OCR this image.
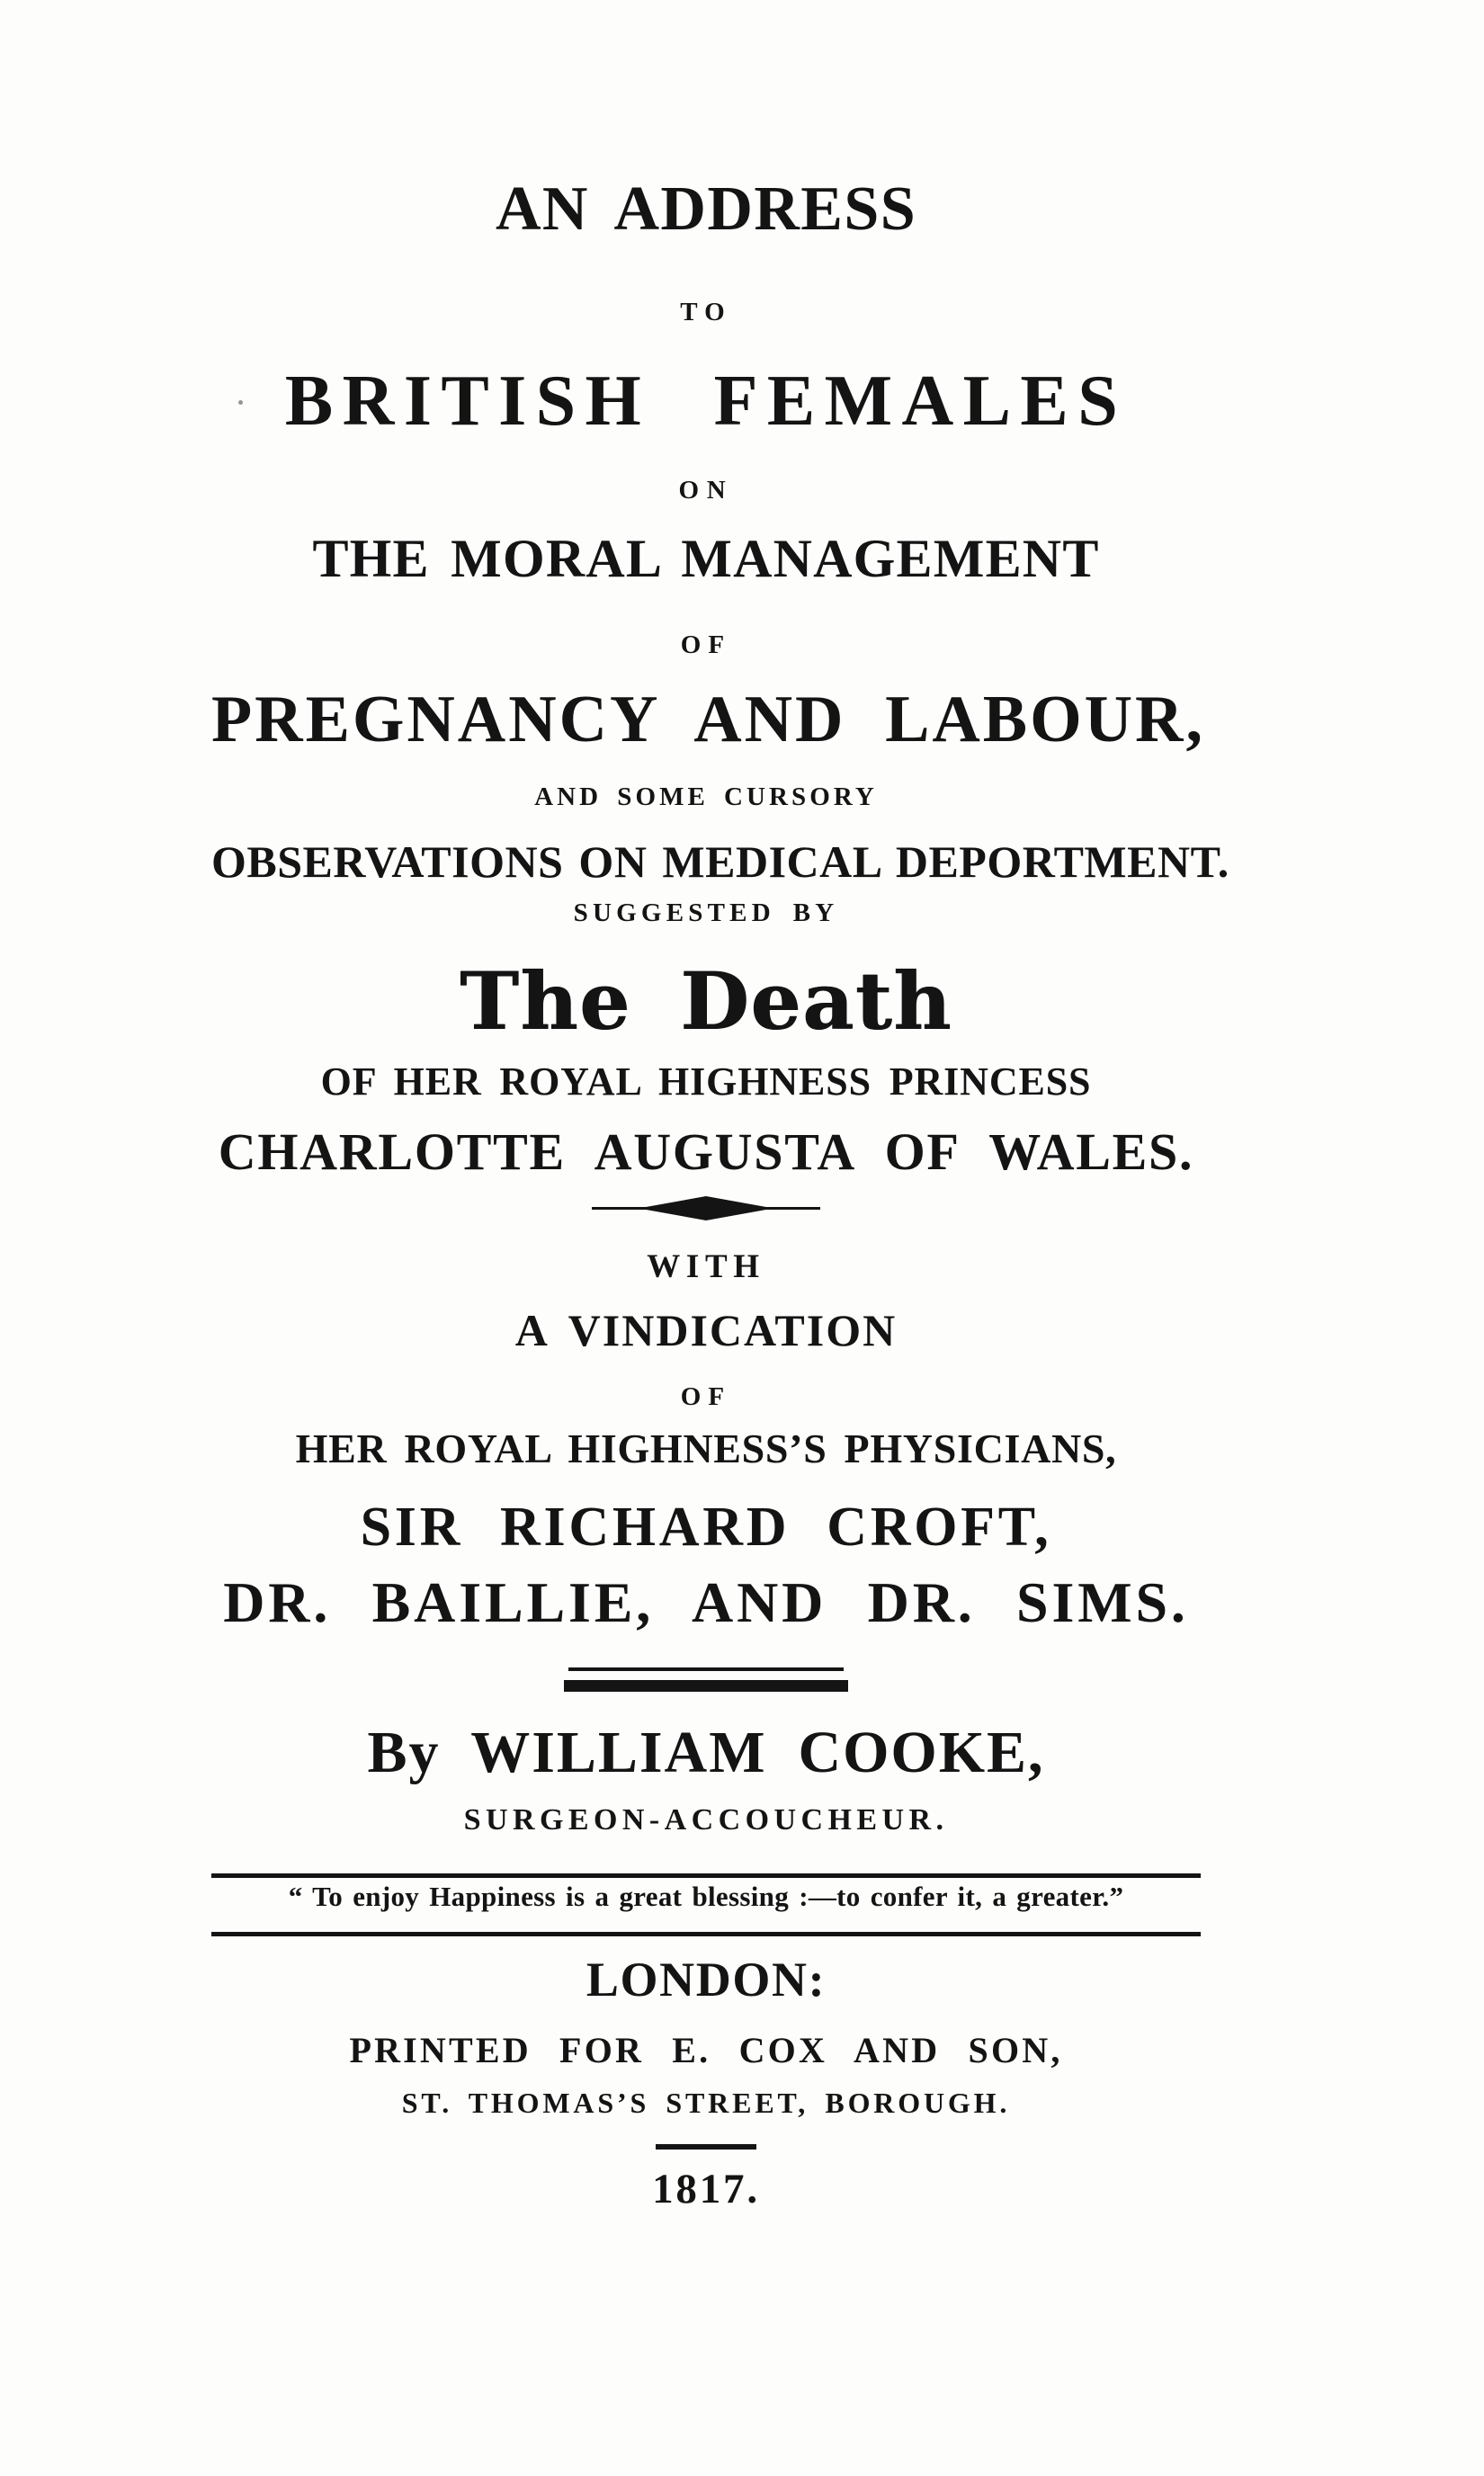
AN ADDRESS
TO
BRITISH FEMALES
ON
THE MORAL MANAGEMENT
OF
PREGNANCY AND LABOUR,
AND SOME CURSORY
OBSERVATIONS ON MEDICAL DEPORTMENT.
SUGGESTED BY
The Death
OF HER ROYAL HIGHNESS PRINCESS
CHARLOTTE AUGUSTA OF WALES.
WITH
A VINDICATION
OF
HER ROYAL HIGHNESS’S PHYSICIANS,
SIR RICHARD CROFT,
DR. BAILLIE, AND DR. SIMS.
By WILLIAM COOKE,
SURGEON-ACCOUCHEUR.
“ To enjoy Happiness is a great blessing :—to confer it, a greater.”
LONDON:
PRINTED FOR E. COX AND SON,
ST. THOMAS’S STREET, BOROUGH.
1817.
